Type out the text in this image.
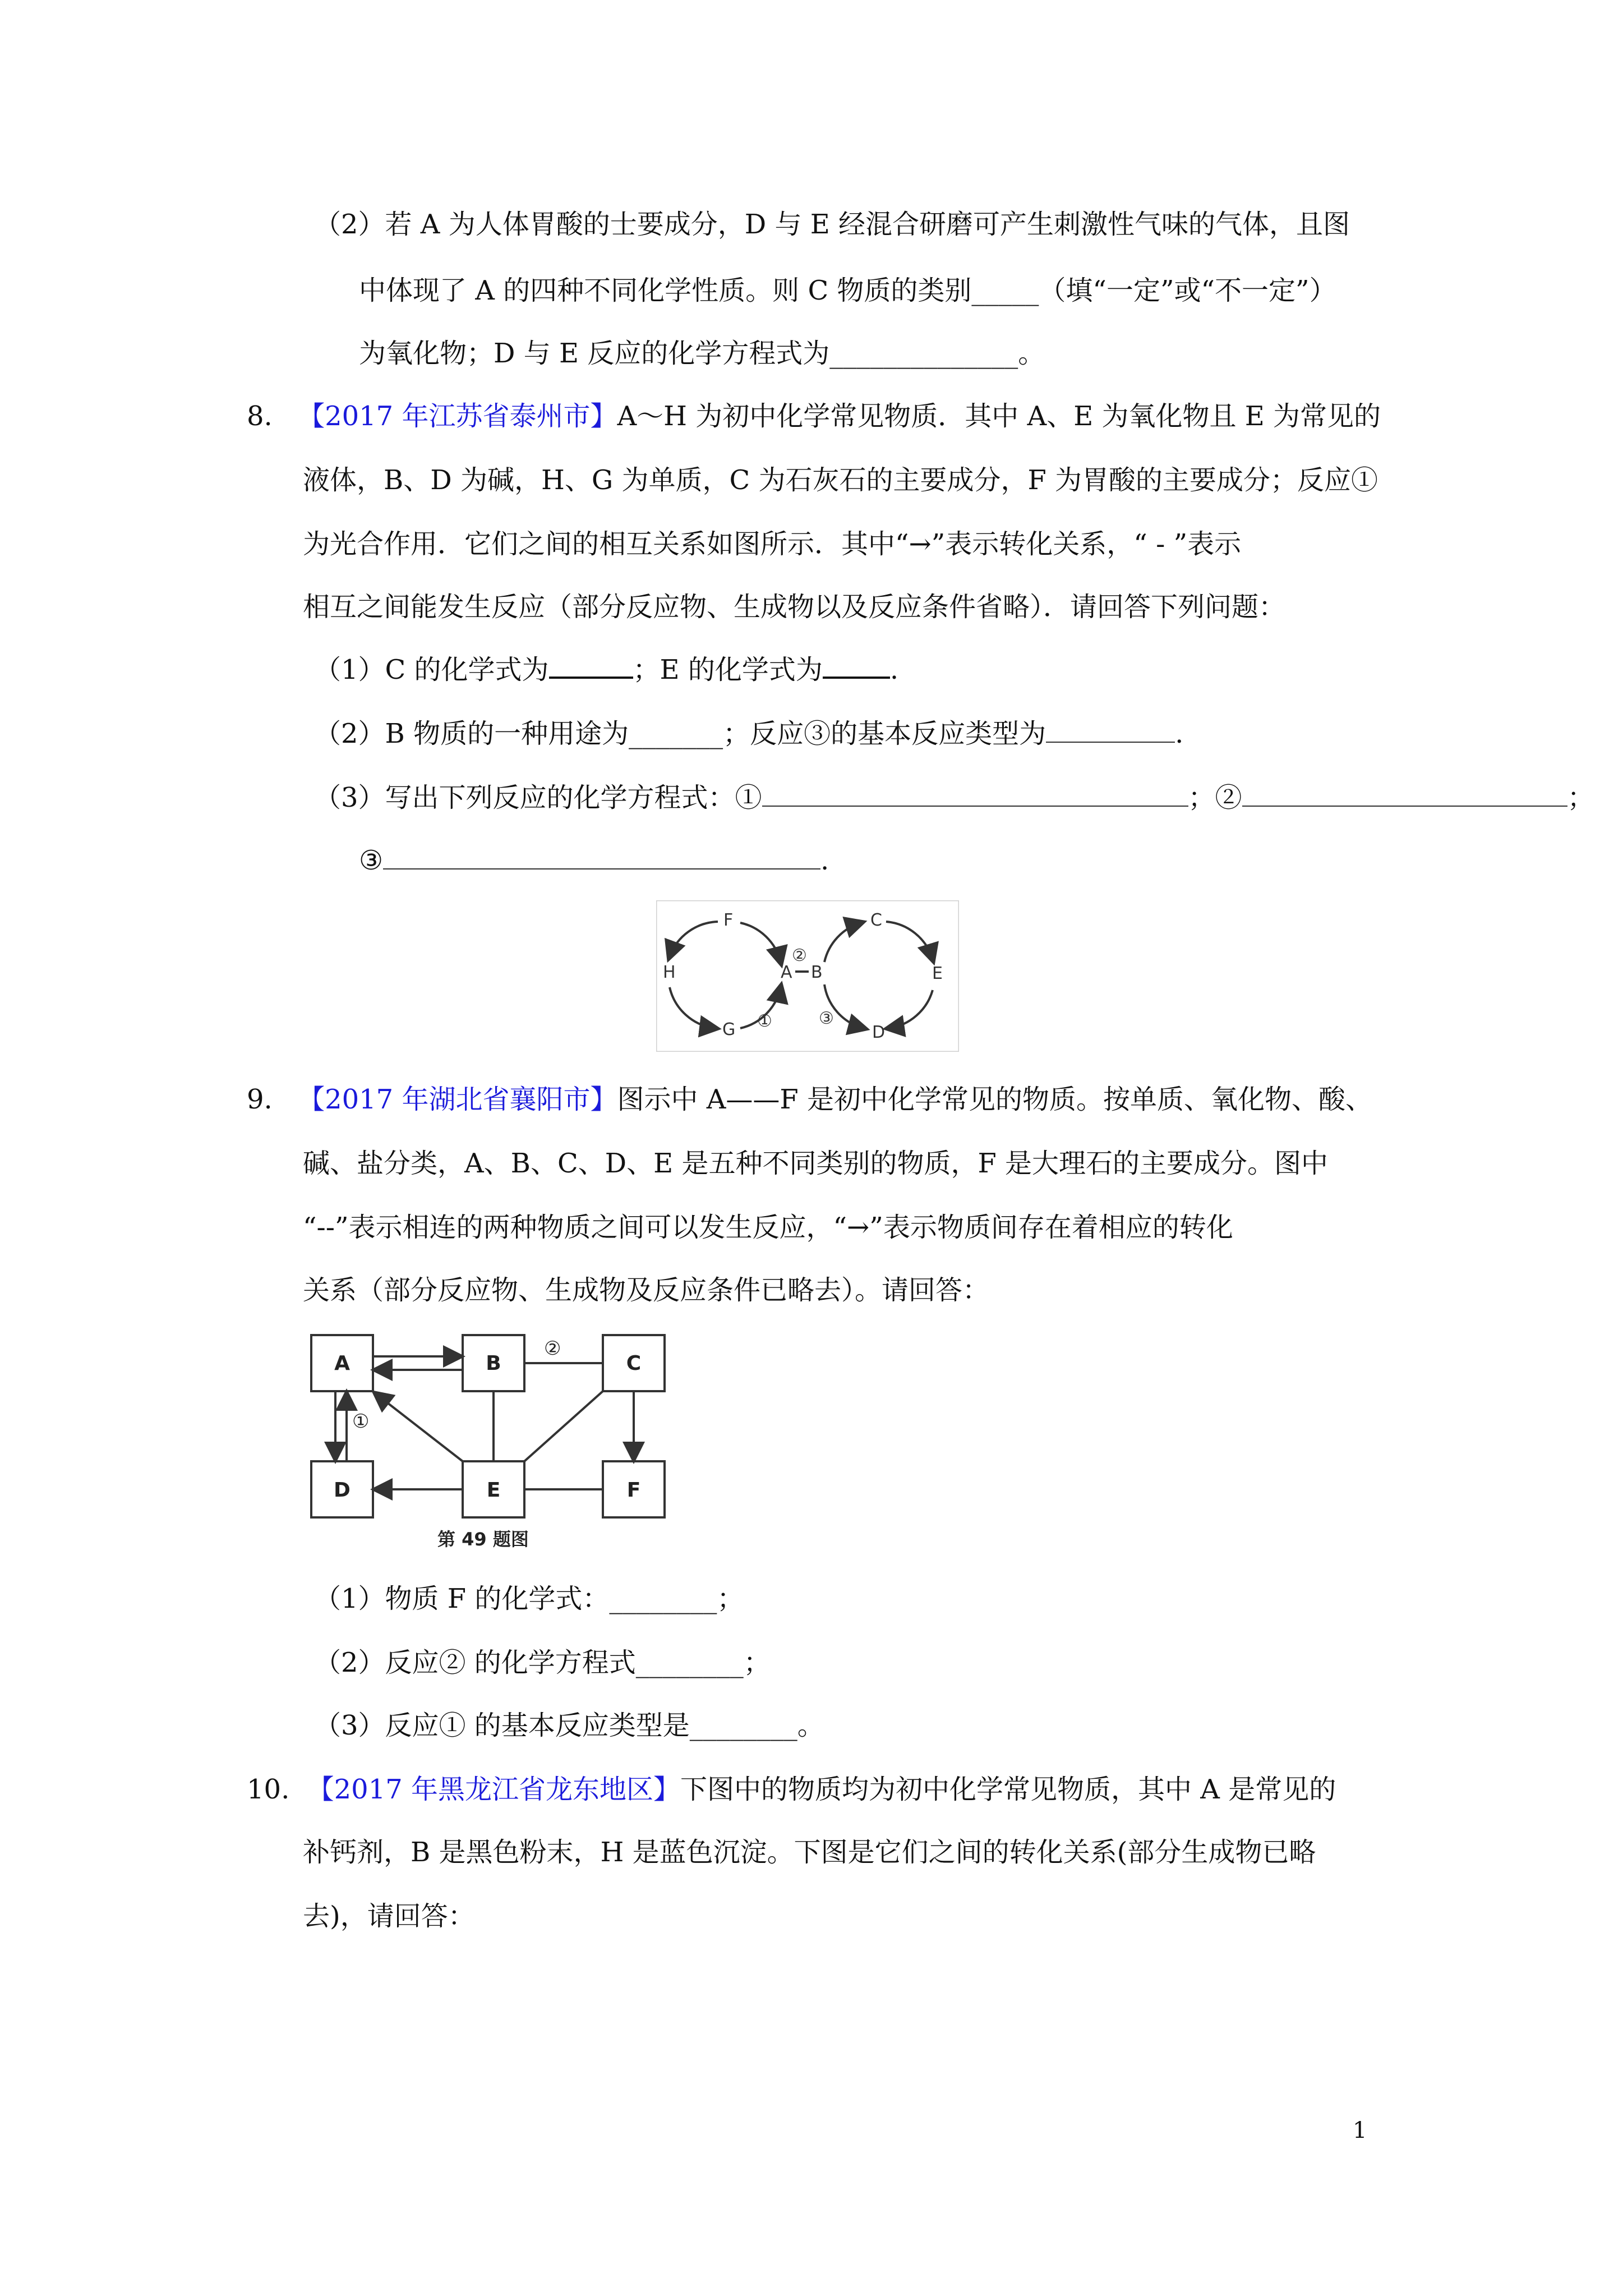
（2）若 A 为人体胃酸的士要成分，D 与 E 经混合研磨可产生刺激性气味的气体，且图
中体现了 A 的四种不同化学性质。则 C 物质的类别_____（填“一定”或“不一定”）
为氧化物；D 与 E 反应的化学方程式为______________。
8. 【2017 年江苏省泰州市】A～H 为初中化学常见物质．其中 A、E 为氧化物且 E 为常见的
液体，B、D 为碱，H、G 为单质，C 为石灰石的主要成分，F 为胃酸的主要成分；反应①
为光合作用．它们之间的相互关系如图所示．其中“→”表示转化关系，“ - ”表示
相互之间能发生反应（部分反应物、生成物以及反应条件省略）．请回答下列问题：
（1）C 的化学式为	；E 的化学式为	.
（2）B 物质的一种用途为_______；反应③的基本反应类型为	.
（3）写出下列反应的化学方程式：①	；②	；
③	.
F
H	A B
G
C
E
D
①
②
③
9. 【2017 年湖北省襄阳市】图示中 A——F 是初中化学常见的物质。按单质、氧化物、酸、
碱、盐分类，A、B、C、D、E 是五种不同类别的物质，F 是大理石的主要成分。图中
“--”表示相连的两种物质之间可以发生反应，“→”表示物质间存在着相应的转化
关系（部分反应物、生成物及反应条件已略去）。请回答：
A	B	C
D	E	F
②
①
第 49 题图
（1）物质 F 的化学式：________；
（2）反应② 的化学方程式________；
（3）反应① 的基本反应类型是________。
10. 【2017 年黑龙江省龙东地区】下图中的物质均为初中化学常见物质，其中 A 是常见的
补钙剂，B 是黑色粉末，H 是蓝色沉淀。下图是它们之间的转化关系(部分生成物已略
去)，请回答：
1
